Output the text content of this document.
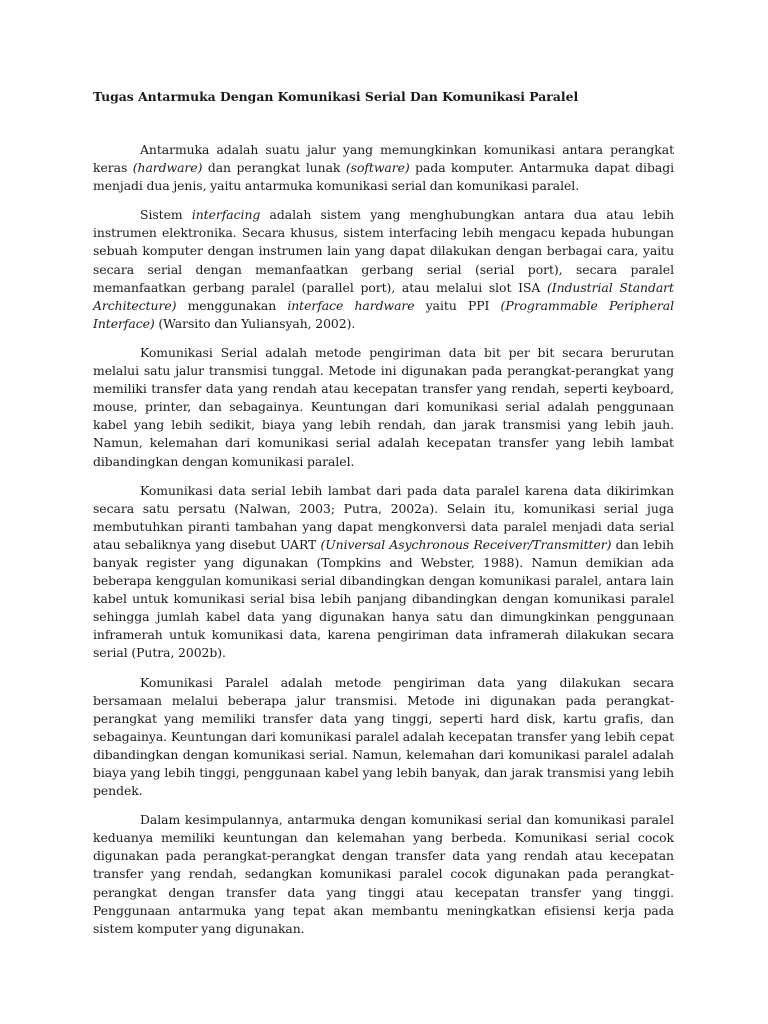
Tugas Antarmuka Dengan Komunikasi Serial Dan Komunikasi Paralel

Antarmuka adalah suatu jalur yang memungkinkan komunikasi antara perangkat keras (hardware) dan perangkat lunak (software) pada komputer. Antarmuka dapat dibagi menjadi dua jenis, yaitu antarmuka komunikasi serial dan komunikasi paralel.

Sistem interfacing adalah sistem yang menghubungkan antara dua atau lebih instrumen elektronika. Secara khusus, sistem interfacing lebih mengacu kepada hubungan sebuah komputer dengan instrumen lain yang dapat dilakukan dengan berbagai cara, yaitu secara serial dengan memanfaatkan gerbang serial (serial port), secara paralel memanfaatkan gerbang paralel (parallel port), atau melalui slot ISA (Industrial Standart Architecture) menggunakan interface hardware yaitu PPI (Programmable Peripheral Interface) (Warsito dan Yuliansyah, 2002).

Komunikasi Serial adalah metode pengiriman data bit per bit secara berurutan melalui satu jalur transmisi tunggal. Metode ini digunakan pada perangkat-perangkat yang memiliki transfer data yang rendah atau kecepatan transfer yang rendah, seperti keyboard, mouse, printer, dan sebagainya. Keuntungan dari komunikasi serial adalah penggunaan kabel yang lebih sedikit, biaya yang lebih rendah, dan jarak transmisi yang lebih jauh. Namun, kelemahan dari komunikasi serial adalah kecepatan transfer yang lebih lambat dibandingkan dengan komunikasi paralel.

Komunikasi data serial lebih lambat dari pada data paralel karena data dikirimkan secara satu persatu (Nalwan, 2003; Putra, 2002a). Selain itu, komunikasi serial juga membutuhkan piranti tambahan yang dapat mengkonversi data paralel menjadi data serial atau sebaliknya yang disebut UART (Universal Asychronous Receiver/Transmitter) dan lebih banyak register yang digunakan (Tompkins and Webster, 1988). Namun demikian ada beberapa kenggulan komunikasi serial dibandingkan dengan komunikasi paralel, antara lain kabel untuk komunikasi serial bisa lebih panjang dibandingkan dengan komunikasi paralel sehingga jumlah kabel data yang digunakan hanya satu dan dimungkinkan penggunaan inframerah untuk komunikasi data, karena pengiriman data inframerah dilakukan secara serial (Putra, 2002b).

Komunikasi Paralel adalah metode pengiriman data yang dilakukan secara bersamaan melalui beberapa jalur transmisi. Metode ini digunakan pada perangkat-perangkat yang memiliki transfer data yang tinggi, seperti hard disk, kartu grafis, dan sebagainya. Keuntungan dari komunikasi paralel adalah kecepatan transfer yang lebih cepat dibandingkan dengan komunikasi serial. Namun, kelemahan dari komunikasi paralel adalah biaya yang lebih tinggi, penggunaan kabel yang lebih banyak, dan jarak transmisi yang lebih pendek.

Dalam kesimpulannya, antarmuka dengan komunikasi serial dan komunikasi paralel keduanya memiliki keuntungan dan kelemahan yang berbeda. Komunikasi serial cocok digunakan pada perangkat-perangkat dengan transfer data yang rendah atau kecepatan transfer yang rendah, sedangkan komunikasi paralel cocok digunakan pada perangkat-perangkat dengan transfer data yang tinggi atau kecepatan transfer yang tinggi. Penggunaan antarmuka yang tepat akan membantu meningkatkan efisiensi kerja pada sistem komputer yang digunakan.
